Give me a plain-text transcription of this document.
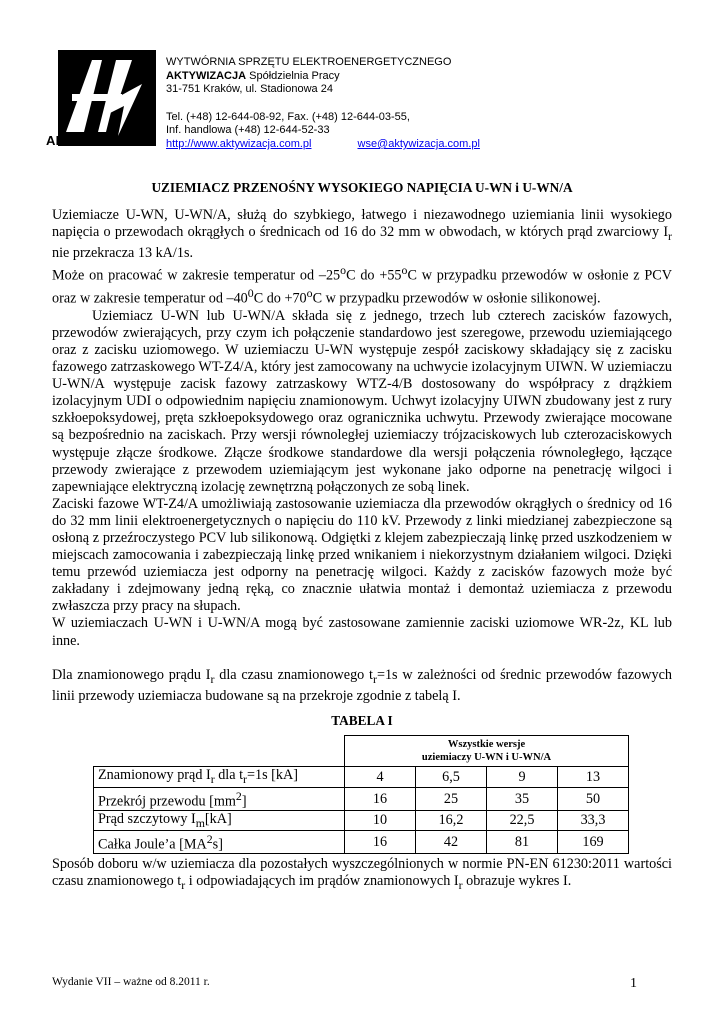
®
AKTYWIZACJA
WYTWÓRNIA SPRZĘTU ELEKTROENERGETYCZNEGO
AKTYWIZACJA Spółdzielnia Pracy
31-751 Kraków, ul. Stadionowa 24
Tel. (+48) 12-644-08-92, Fax. (+48) 12-644-03-55,
Inf. handlowa (+48) 12-644-52-33
http://www.aktywizacja.com.pl	wse@aktywizacja.com.pl
UZIEMIACZ PRZENOŚNY WYSOKIEGO NAPIĘCIA U-WN i U-WN/A

Uziemiacze U-WN, U-WN/A, służą do szybkiego, łatwego i niezawodnego uziemiania linii wysokiego napięcia o przewodach okrągłych o średnicach od 16 do 32 mm w obwodach, w których prąd zwarciowy $I_r$ nie przekracza 13 kA/1s.

Może on pracować w zakresie temperatur od –25$^o$C do $+55^oC$ w przypadku przewodów w osłonie z PCV oraz w zakresie temperatur od $-40^0C$ do $+70^oC$ w przypadku przewodów w osłonie silikonowej.

Uziemiacz U-WN lub U-WN/A składa się z jednego, trzech lub czterech zacisków fazowych, przewodów zwierających, przy czym ich połączenie standardowo jest szeregowe, przewodu uziemiającego oraz z zacisku uziomowego. W uziemiaczu U-WN występuje zespół zaciskowy składający się z zacisku fazowego zatrzaskowego WT-Z4/A, który jest zamocowany na uchwycie izolacyjnym UIWN. W uziemiaczu U-WN/A występuje zacisk fazowy zatrzaskowy WTZ-4/B dostosowany do współpracy z drążkiem izolacyjnym UDI o odpowiednim napięciu znamionowym. Uchwyt izolacyjny UIWN zbudowany jest z rury szkłoepoksydowej, pręta szkłoepoksydowego oraz ogranicznika uchwytu. Przewody zwierające mocowane są bezpośrednio na zaciskach. Przy wersji równoległej uziemiaczy trójzaciskowych lub czterozaciskowych występuje złącze środkowe. Złącze środkowe standardowe dla wersji połączenia równoległego, łączące przewody zwierające z przewodem uziemiającym jest wykonane jako odporne na penetrację wilgoci i zapewniające elektryczną izolację zewnętrzną połączonych ze sobą linek.

Zaciski fazowe WT-Z4/A umożliwiają zastosowanie uziemiacza dla przewodów okrągłych o średnicy od 16 do 32 mm linii elektroenergetycznych o napięciu do 110 kV. Przewody z linki miedzianej zabezpieczone są osłoną z przeźroczystego PCV lub silikonową. Odgiętki z klejem zabezpieczają linkę przed uszkodzeniem w miejscach zamocowania i zabezpieczają linkę przed wnikaniem i niekorzystnym działaniem wilgoci. Dzięki temu przewód uziemiacza jest odporny na penetrację wilgoci. Każdy z zacisków fazowych może być zakładany i zdejmowany jedną ręką, co znacznie ułatwia montaż i demontaż uziemiacza z przewodu zwłaszcza przy pracy na słupach.

W uziemiaczach U-WN i U-WN/A mogą być zastosowane zamiennie zaciski uziomowe WR-2z, KL lub inne.

Dla znamionowego prądu $I_r$ dla czasu znamionowego $t_r=1s$ w zależności od średnic przewodów fazowych linii przewody uziemiacza budowane są na przekroje zgodnie z tabelą I.

TABELA I
	Wszystkie wersje
uziemiaczy U-WN i U-WN/A			
Znamionowy prąd $I_r$ dla $t_r=1s$ [kA]	4	6,5	9	13
Przekrój przewodu $[mm^2]$	16	25	35	50
Prąd szczytowy $I_m[kA]$	10	16,2	22,5	33,3
Całka Joule’a $[MA^2s]$	16	42	81	169
Sposób doboru w/w uziemiacza dla pozostałych wyszczególnionych w normie PN-EN 61230:2011 wartości czasu znamionowego $t_r$ i odpowiadających im prądów znamionowych $I_r$ obrazuje wykres I.
Wydanie VII – ważne od 8.2011 r.	1
